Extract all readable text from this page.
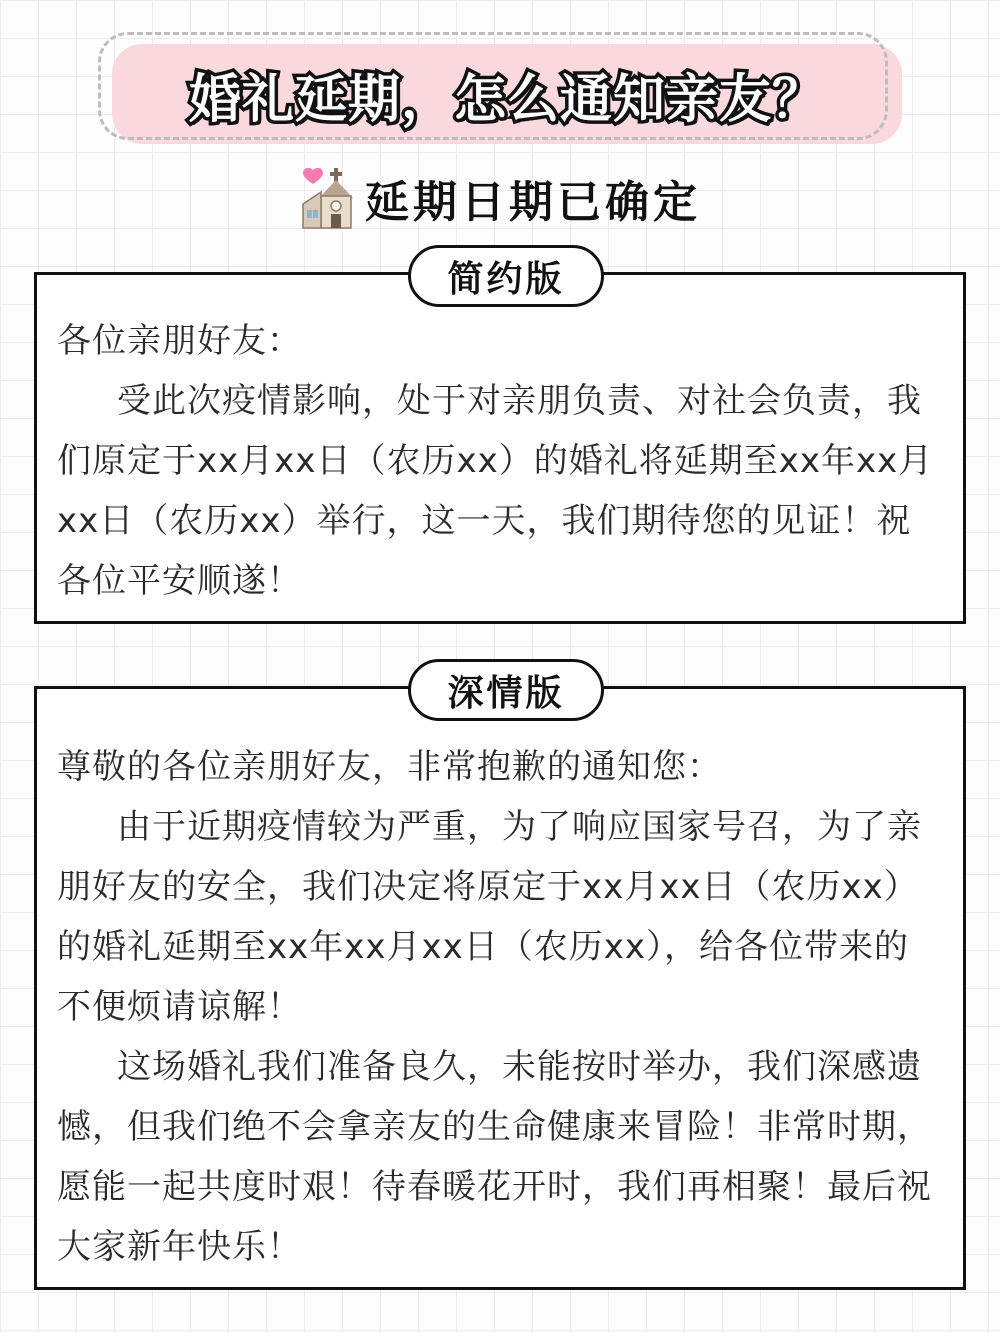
婚礼延期，怎么通知亲友？
延期日期已确定
简约版

各位亲朋好友：

受此次疫情影响，处于对亲朋负责、对社会负责，我们原定于xx月xx日（农历xx）的婚礼将延期至xx年xx月xx日（农历xx）举行，这一天，我们期待您的见证！祝各位平安顺遂！

深情版

尊敬的各位亲朋好友，非常抱歉的通知您：

由于近期疫情较为严重，为了响应国家号召，为了亲朋好友的安全，我们决定将原定于xx月xx日（农历xx）的婚礼延期至xx年xx月xx日（农历xx），给各位带来的不便烦请谅解！

这场婚礼我们准备良久，未能按时举办，我们深感遗憾，但我们绝不会拿亲友的生命健康来冒险！非常时期，愿能一起共度时艰！待春暖花开时，我们再相聚！最后祝大家新年快乐！
